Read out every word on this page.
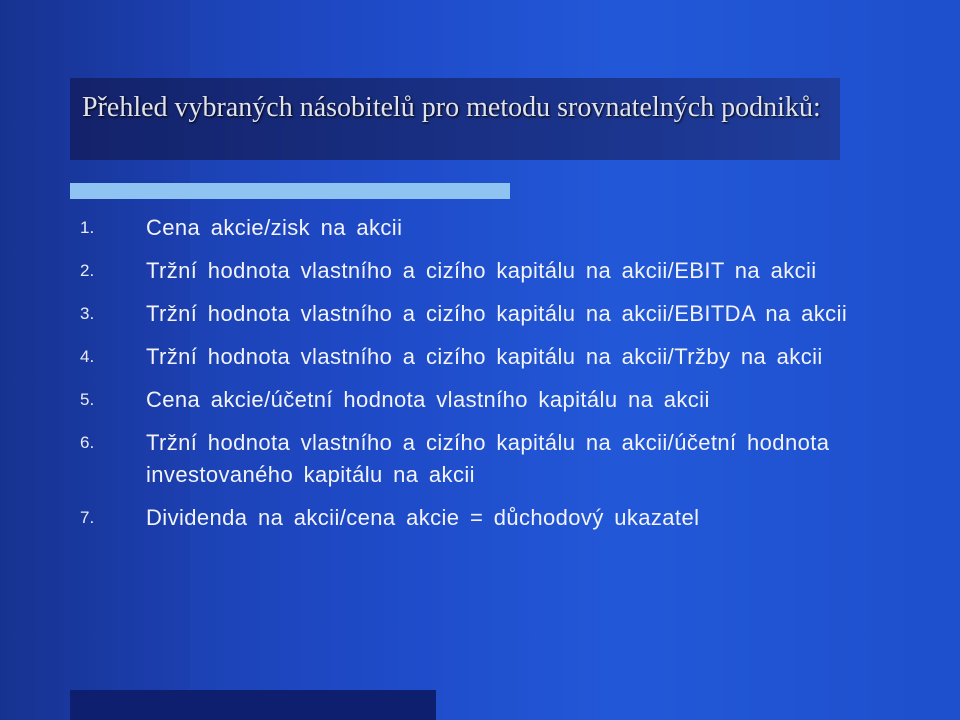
Přehled vybraných násobitelů pro metodu srovnatelných podniků:
1.	Cena akcie/zisk na akcii
2.	Tržní hodnota vlastního a cizího kapitálu na akcii/EBIT na akcii
3.	Tržní hodnota vlastního a cizího kapitálu na akcii/EBITDA na akcii
4.	Tržní hodnota vlastního a cizího kapitálu na akcii/Tržby na akcii
5.	Cena akcie/účetní hodnota vlastního kapitálu na akcii
6.	Tržní hodnota vlastního a cizího kapitálu na akcii/účetní hodnota investovaného kapitálu na akcii
7.	Dividenda na akcii/cena akcie = důchodový ukazatel
